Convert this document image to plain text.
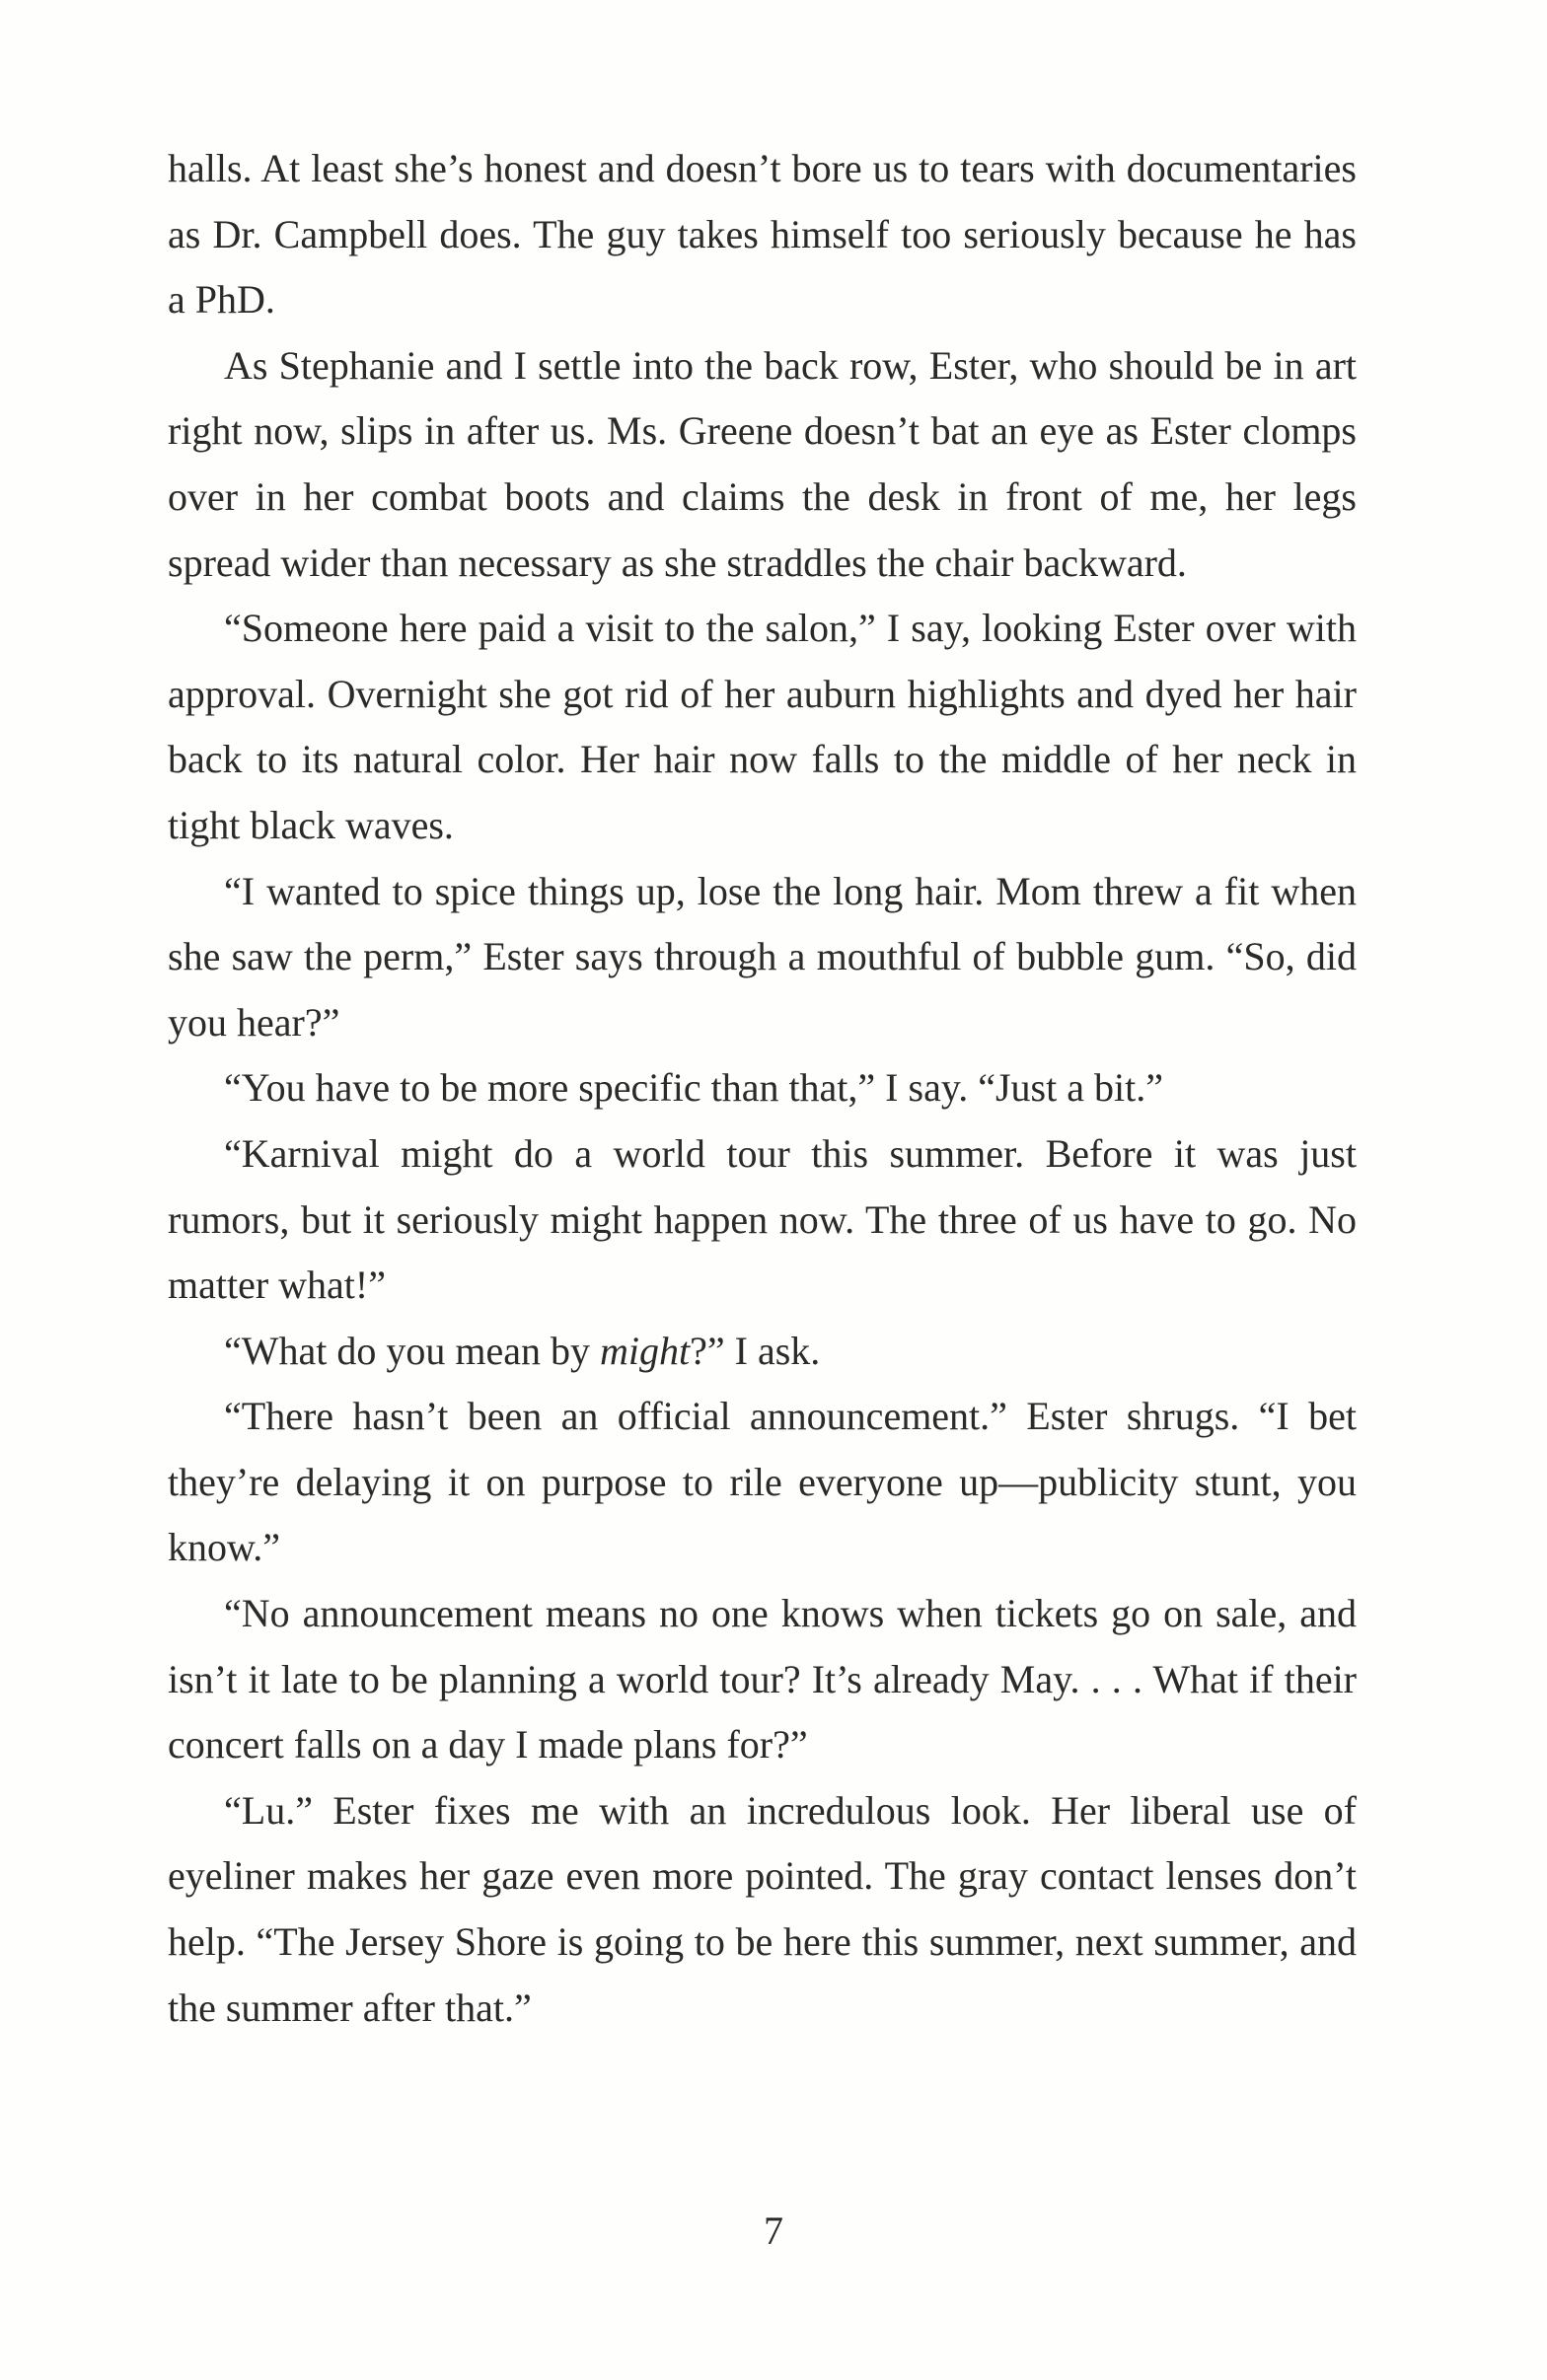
halls. At least she’s honest and doesn’t bore us to tears with documentaries as Dr. Campbell does. The guy takes himself too seriously because he has a PhD.

As Stephanie and I settle into the back row, Ester, who should be in art right now, slips in after us. Ms. Greene doesn’t bat an eye as Ester clomps over in her combat boots and claims the desk in front of me, her legs spread wider than necessary as she straddles the chair backward.

“Someone here paid a visit to the salon,” I say, looking Ester over with approval. Overnight she got rid of her auburn highlights and dyed her hair back to its natural color. Her hair now falls to the middle of her neck in tight black waves.

“I wanted to spice things up, lose the long hair. Mom threw a fit when she saw the perm,” Ester says through a mouthful of bubble gum. “So, did you hear?”

“You have to be more specific than that,” I say. “Just a bit.”

“Karnival might do a world tour this summer. Before it was just rumors, but it seriously might happen now. The three of us have to go. No matter what!”

“What do you mean by might?” I ask.

“There hasn’t been an official announcement.” Ester shrugs. “I bet they’re delaying it on purpose to rile everyone up—publicity stunt, you know.”

“No announcement means no one knows when tickets go on sale, and isn’t it late to be planning a world tour? It’s already May. . . . What if their concert falls on a day I made plans for?”

“Lu.” Ester fixes me with an incredulous look. Her liberal use of eyeliner makes her gaze even more pointed. The gray contact lenses don’t help. “The Jersey Shore is going to be here this summer, next summer, and the summer after that.”

7
